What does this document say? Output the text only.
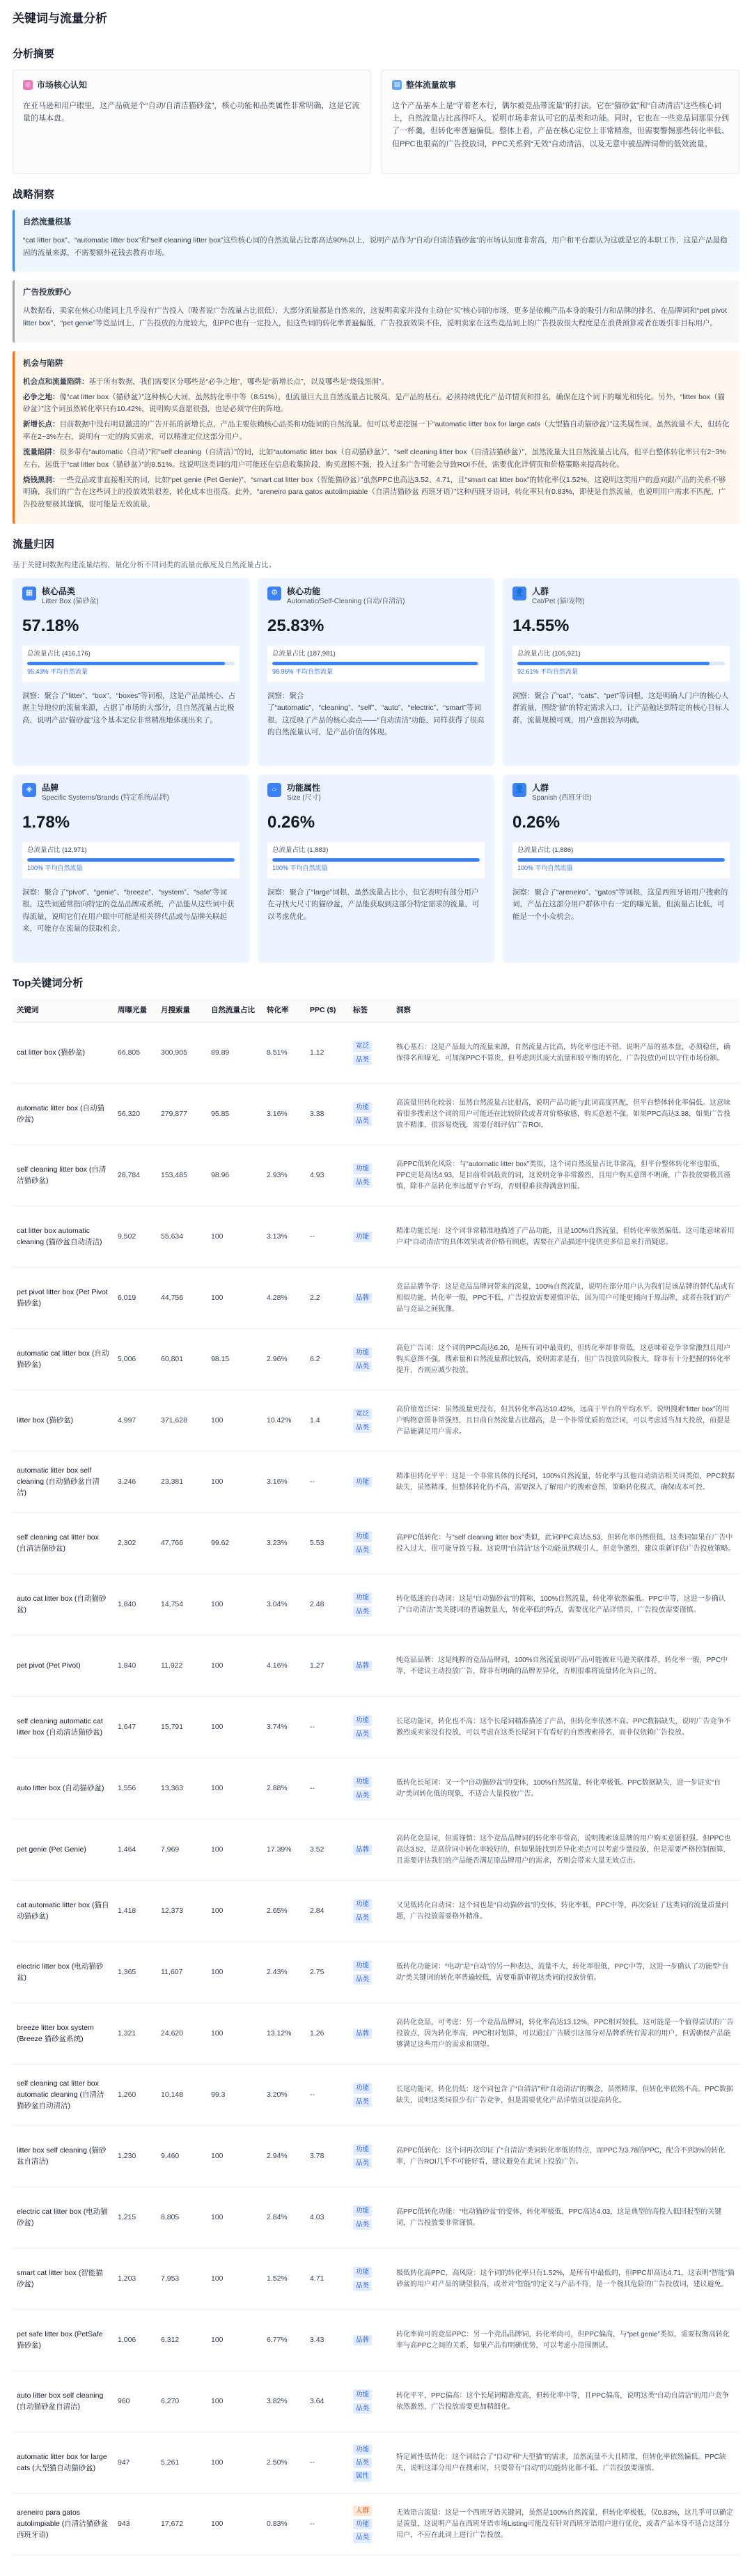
关键词与流量分析
分析摘要
◎ 市场核心认知

在亚马逊和用户眼里，这产品就是个“自动/自清洁猫砂盆”，核心功能和品类属性非常明确，这是它流量的基本盘。

▤ 整体流量故事

这个产品基本上是“守着老本行，偶尔被竞品带流量”的打法。它在“猫砂盆”和“自动清洁”这些核心词上，自然流量占比高得吓人，说明市场非常认可它的品类和功能。同时，它也在一些竞品词那里分到了一杯羹，但转化率普遍偏低。整体上看，产品在核心定位上非常精准，但需要警惕那些转化率低、但PPC也很高的广告投放词，PPC关系到“无效”自动清洁，以及无意中被品牌词带的低效流量。

战略洞察
自然流量根基

“cat litter box”、“automatic litter box”和“self cleaning litter box”这些核心词的自然流量占比都高达90%以上，说明产品作为“自动/自清洁猫砂盆”的市场认知度非常高，用户和平台都认为这就是它的本职工作，这是产品最稳固的流量来源，不需要额外花钱去教育市场。

广告投放野心

从数据看，卖家在核心功能词上几乎没有广告投入（吸者说广告流量占比很低），大部分流量都是自然来的，这说明卖家并没有主动在“买”核心词的市场，更多是依赖产品本身的吸引力和品牌的排名，在品牌词和“pet pivot litter box”、“pet genie”等竞品词上，广告投放的力度较大，但PPC也有一定投入，但这些词的转化率普遍偏低，广告投放效果不佳，说明卖家在这些竞品词上的广告投放很大程度是在浪费预算或者在吸引非目标用户。

机会与陷阱

机会点和流量陷阱：基于所有数据，我们需要区分哪些是“必争之地”，哪些是“新增长点”，以及哪些是“烧钱黑洞”。

必争之地：像“cat litter box（猫砂盆）”这种核心大词，虽然转化率中等（8.51%），但流量巨大且自然流量占比极高，是产品的基石。必须持续优化产品详情页和排名，确保在这个词下的曝光和转化。另外，“litter box（猫砂盆）”这个词虽然转化率只有10.42%，说明购买意愿很强，也是必须守住的阵地。

新增长点：目前数据中没有明显激进的广告开拓的新增长点，产品主要依赖核心品类和功能词的自然流量。但可以考虑挖掘一下“automatic litter box for large cats（大型猫自动猫砂盆）”这类属性词，虽然流量不大，但转化率在2~3%左右，说明有一定的购买需求，可以精准定位这部分用户。

流量陷阱：很多带有“automatic（自动）”和“self cleaning（自清洁）”的词，比如“automatic litter box（自动猫砂盆）”、“self cleaning litter box（自清洁猫砂盆）”，虽然流量大且自然流量占比高，但平台整体转化率只有2~3%左右，远低于“cat litter box（猫砂盆）”的8.51%。这说明这类词的用户可能还在信息收集阶段，购买意图不强，投入过多广告可能会导致ROI不佳，需要优化详情页和价格策略来提高转化。

烧钱黑洞：一些竞品或非直接相关的词，比如“pet genie (Pet Genie)”、“smart cat litter box（智能猫砂盆）”虽然PPC也高达3.52、4.71，且“smart cat litter box”的转化率仅1.52%，这说明这类用户的意向跟产品的关系不够明确，我们的广告在这些词上的投放效果很差，转化成本也很高。此外，“areneiro para gatos autolimpiable（自清洁猫砂盆 西班牙语）”这种西班牙语词，转化率只有0.83%，即使是自然流量，也说明用户需求不匹配，广告投放要极其谨慎，很可能是无效流量。

流量归因
基于关键词数据构建流量结构，量化分析不同词类的流量贡献度及自然流量占比。
▦	核心品类
Litter Box (猫砂盆)
57.18%
总流量占比 (416,176)
95.43% 平均自然流量
洞察：聚合了“litter”、“box”、“boxes”等词根，这是产品最核心、占据主导地位的流量来源，占据了市场的大部分，且自然流量占比极高，说明产品“猫砂盆”这个基本定位非常精准地体现出来了。
⚙	核心功能
Automatic/Self-Cleaning (自动/自清洁)
25.83%
总流量占比 (187,981)
98.96% 平均自然流量
洞察：聚合了“automatic”、“cleaning”、“self”、“auto”、“electric”、“smart”等词根，这反映了产品的核心卖点——“自动清洁”功能，同样获得了很高的自然流量认可，是产品价值的体现。
👤 人群
Cat/Pet (猫/宠物)
14.55%
总流量占比 (105,921)
92.61% 平均自然流量
洞察：聚合了“cat”、“cats”、“pet”等词根，这是明确人门户的核心人群流量，围绕“猫”的特定需求入口，让产品触达到特定的核心目标人群，流量规模可观，用户意图较为明确。
◈	品牌
Specific Systems/Brands (特定系统/品牌)
1.78%
总流量占比 (12,971)
100% 平均自然流量
洞察：聚合了“pivot”、“genie”、“breeze”、“system”、“safe”等词根，这些词通常指向特定的竞品品牌或系统，产品能从这些词中获得流量，说明它们在用户眼中可能是相关替代品或与品牌关联起来，可能存在流量的获取机会。
⇔	功能属性
Size (尺寸)
0.26%
总流量占比 (1,883)
100% 平均自然流量
洞察：聚合了“large”词根，虽然流量占比小，但它表明有部分用户在寻找大尺寸的猫砂盆，产品能获取到这部分特定需求的流量，可以考虑优化。
👤 人群
Spanish (西班牙语)
0.26%
总流量占比 (1,886)
100% 平均自然流量
洞察：聚合了“areneiro”、“gatos”等词根，这是西班牙语用户搜索的词，产品在这部分用户群体中有一定的曝光量，但流量占比低，可能是一个小众机会。
Top关键词分析
关键词	周曝光量	月搜索量	自然流量占比	转化率	PPC ($)	标签	洞察
cat litter box (猫砂盆)	66,805	300,905	89.89	8.51%	1.12	宽泛
品类	核心基石：这是产品最大的流量来源，自然流量占比高，转化率也还不错。说明产品的基本盘，必须稳住，确保排名和曝光。可加深PPC不算贵，但考虑到其庞大流量和较平衡的转化，广告投放仍可以守住市场份额。
automatic litter box (自动猫砂盆)	56,320	279,877	95.85	3.16%	3.38	功能
品类	高流量但转化较弱：虽然自然流量占比很高，说明产品功能与此词高度匹配，但平台整体转化率偏低。这意味着很多搜索这个词的用户可能还在比较阶段或者对价格敏感，购买意愿不强。如果PPC高达3.38，如果广告投放不精准，很容易烧钱，需要仔细评估广告ROI。
self cleaning litter box (自清洁猫砂盆)	28,784	153,485	98.96	2.93%	4.93	功能
品类	高PPC低转化风险：与“automatic litter box”类似，这个词自然流量占比非常高，但平台整体转化率也很低，PPC更是高达4.93，是目前看到最贵的词，这说明竞争非常激烈，且用户购买意图不明确，广告投放要极其谨慎，除非产品转化率远超平台平均，否则很难获得满意回报。
cat litter box automatic cleaning (猫砂盆自动清洁)	9,502	55,634	100	3.13%	--	功能	精准功能长尾：这个词非常精准地描述了产品功能，且是100%自然流量，但转化率依然偏低。这可能意味着用户对“自动清洁”的具体效果或者价格有顾虑，需要在产品描述中提供更多信息来打消疑虑。
pet pivot litter box (Pet Pivot 猫砂盆)	6,019	44,756	100	4.28%	2.2	品牌	竞品品牌争夺：这是竞品品牌词带来的流量，100%自然流量，说明在部分用户认为我们是该品牌的替代品或有相似功能，转化率一般，PPC不低，广告投放需要谨慎评估，因为用户可能更倾向于原品牌，或者在我们的产品与竞品之间犹豫。
automatic cat litter box (自动猫砂盆)	5,006	60,801	98.15	2.96%	6.2	功能
品类	高危广告词：这个词的PPC高达6.20，是所有词中最贵的，但转化率却非常低，这意味着竞争非常激烈且用户购买意图不强。搜索量和自然流量都比较高，说明需求是有，但广告投放风险极大，除非有十分把握的转化率提升，否则应减少投放。
litter box (猫砂盆)	4,997	371,628	100	10.42%	1.4	宽泛
品类	高价值宽泛词：虽然流量更没有，但其转化率高达10.42%，远高于平台的平均水平。说明搜索“litter box”的用户购物意图非常强烈，且目前自然流量占比超高，是一个非常优质的宽泛词，可以考虑适当加大投放，前提是产品能满足用户需求。
automatic litter box self cleaning (自动猫砂盆自清洁)	3,246	23,381	100	3.16%	--	功能	精准但转化平平：这是一个非常具体的长尾词，100%自然流量，转化率与其他自动清洁相关词类似，PPC数据缺失，虽然精准，但整体转化仍不高，需要深入了解用户的搜索意图，策略转化模式，确保成本可控。
self cleaning cat litter box (自清洁猫砂盆)	2,302	47,766	99.62	3.23%	5.53	功能
品类	高PPC低转化：与“self cleaning litter box”类似，此词PPC高达5.53，但转化率仍然很低，这类词如果在广告中投入过大，很可能导致亏损。这说明“自清洁”这个功能虽然吸引人，但竞争激烈，建议重新评估广告投放策略。
auto cat litter box (自动猫砂盆)	1,840	14,754	100	3.04%	2.48	功能
品类	转化低迷的自动词：这是“自动猫砂盆”的简称，100%自然流量，转化率依然偏低。PPC中等，这进一步确认了“自动清洁”类关键词的普遍数量大，转化率低的特点，需要优化产品详情页，广告投放需要谨慎。
pet pivot (Pet Pivot)	1,840	11,922	100	4.16%	1.27	品牌	纯竞品品牌：这是纯粹的竞品品牌词，100%自然流量说明产品可能被亚马逊关联推荐，转化率一般，PPC中等，不建议主动投放广告，除非有明确的品牌差异化，否则很难将流量转化为自己的。
self cleaning automatic cat litter box (自动清洁猫砂盆)	1,647	15,791	100	3.74%	--	功能
品类	长尾功能词，转化也不高：这个长尾词精准描述了产品，但转化率依然不高。PPC数据缺失，说明广告竞争不激烈或卖家没有投放，可以考虑在这类长尾词下有看好的自然搜索排名，而非仅依赖广告投放。
auto litter box (自动猫砂盆)	1,556	13,363	100	2.88%	--	功能
品类	低转化长尾词：又一个“自动猫砂盆”的变体，100%自然流量，转化率极低。PPC数据缺失，进一步证实“自动”类词转化低的现象，不适合大量投放广告。
pet genie (Pet Genie)	1,464	7,969	100	17.39%	3.52	品牌	高转化竞品词，但需谨慎：这个竞品品牌词的转化率非常高，说明搜索该品牌的用户购买意愿很强。但PPC也高达3.52，是高价词中转化率较好的，但如果能找到差异化卖点可以考虑少量投放，但是需要严格控制预算，且需要评估我们的产品能否满足原品牌用户的需求，否则会带来大量无效点击。
cat automatic litter box (猫自动猫砂盆)	1,418	12,373	100	2.65%	2.84	功能
品类	又见低转化自动词：这个词也是“自动猫砂盆”的变体，转化率低，PPC中等，再次验证了这类词的流量质量问题，广告投放需要格外精准。
electric litter box (电动猫砂盆)	1,365	11,607	100	2.43%	2.75	功能
品类	低转化功能词：“电动”是“自动”的另一种表达，流量不大，转化率很低，PPC中等，这进一步确认了功能型“自动”类关键词的转化率普遍较低，需要重新审视这类词的投放价值。
breeze litter box system (Breeze 猫砂盆系统)	1,321	24,620	100	13.12%	1.26	品牌	高转化竞品，可考虑：另一个竞品品牌词，转化率高达13.12%，PPC相对较低。这可能是一个值得尝试的广告投放点，因为转化率高，PPC相对划算，可以通过广告吸引这部分对品牌系统有需求的用户，但需确保产品能够满足这些用户的需求和期望。
self cleaning cat litter box automatic cleaning (自清洁猫砂盆自动清洁)	1,260	10,148	99.3	3.20%	--	功能
品类	长尾功能词，转化仍低：这个词包含了“自清洁”和“自动清洁”的概念，虽然精准，但转化率依然不高。PPC数据缺失，说明这类词很少有广告竞争，但是需要优化产品详情页以提高转化。
litter box self cleaning (猫砂盆自清洁)	1,230	9,460	100	2.94%	3.78	功能
品类	高PPC低转化：这个词再次印证了“自清洁”类词转化率低的特点，而PPC为3.78的PPC，配合不到3%的转化率，广告ROI几乎不可能好看，建议避免在此词上投放广告。
electric cat litter box (电动猫砂盆)	1,215	8,805	100	2.84%	4.03	功能
品类	高PPC低转化功能：“电动猫砂盆”的变体，转化率极低，PPC高达4.03，这是典型的高投入低回报型的关键词，广告投放要非常谨慎。
smart cat litter box (智能猫砂盆)	1,203	7,953	100	1.52%	4.71	功能
品类	极低转化高PPC，高风险：这个词的转化率只有1.52%，是所有中最低的，但PPC却高达4.71，这表明“智能”猫砂盆的用户对产品的期望很高，或者对“智能”的定义与产品不符，是一个极其危险的广告投放词，建议避免。
pet safe litter box (PetSafe 猫砂盆)	1,006	6,312	100	6.77%	3.43	品牌	转化率尚可的竞品PPC：另一个竞品品牌词，转化率尚可，但PPC偏高，与“pet genie”类似，需要权衡高转化率与高PPC之间的关系，如果产品有明确优势，可以考虑小范围测试。
auto litter box self cleaning (自动猫砂盆自清洁)	960	6,270	100	3.82%	3.64	功能
品类	转化平平，PPC偏高：这个长尾词精准度高，但转化率中等，且PPC偏高，说明这类“自动自清洁”的用户竞争依然激烈，广告投放需要更加精细化。
automatic litter box for large cats (大型猫自动猫砂盆)	947	5,261	100	2.50%	--	功能
品类
属性	特定属性低转化：这个词结合了“自动”和“大型猫”的需求，虽然流量不大且精准，但转化率依然偏低。PPC缺失，说明这部分用户在搜索时，只要带有“自动”的功能转化都不低。广告投放要谨慎。
areneiro para gatos autolimpiable (自清洁猫砂盆 西班牙语)	943	17,672	100	0.83%	--	人群
功能
品类	无效语言流量：这是一个西班牙语关键词，虽然是100%自然流量，但转化率极低，仅0.83%，这几乎可以确定是流量，这说明产品在西班牙语市场Listing可能没有针对西班牙语用户进行优化，或者产品本身不适合这部分用户，不应在此词上进行广告投放。
